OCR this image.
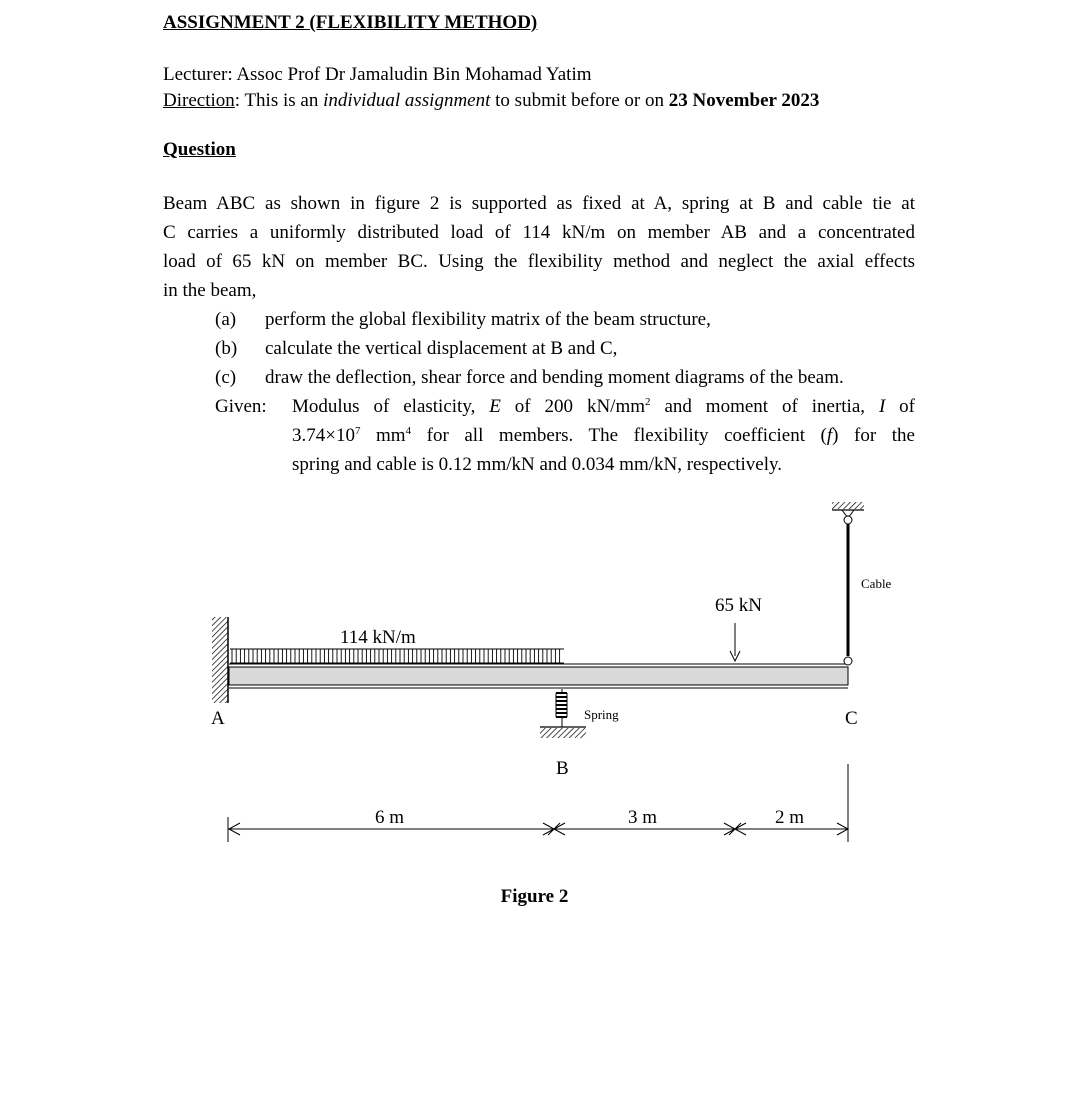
ASSIGNMENT 2 (FLEXIBILITY METHOD)
Lecturer: Assoc Prof Dr Jamaludin Bin Mohamad Yatim
Direction: This is an individual assignment to submit before or on 23 November 2023
Question
Beam ABC as shown in figure 2 is supported as fixed at A, spring at B and cable tie at
C carries a uniformly distributed load of 114 kN/m on member AB and a concentrated
load of 65 kN on member BC. Using the flexibility method and neglect the axial effects
in the beam,
(a) perform the global flexibility matrix of the beam structure,
(b) calculate the vertical displacement at B and C,
(c) draw the deflection, shear force and bending moment diagrams of the beam.
Given: Modulus of elasticity, E of 200 $kN/mm^2$ and moment of inertia, I of
$3.74\times 10^7$ $mm^4$ for all members. The flexibility coefficient (f) for the
spring and cable is 0.12 mm/kN and 0.034 mm/kN, respectively.
114 kN/m
65 kN
Cable
Spring
A
B
C
6 m	3 m	2 m
Figure 2
